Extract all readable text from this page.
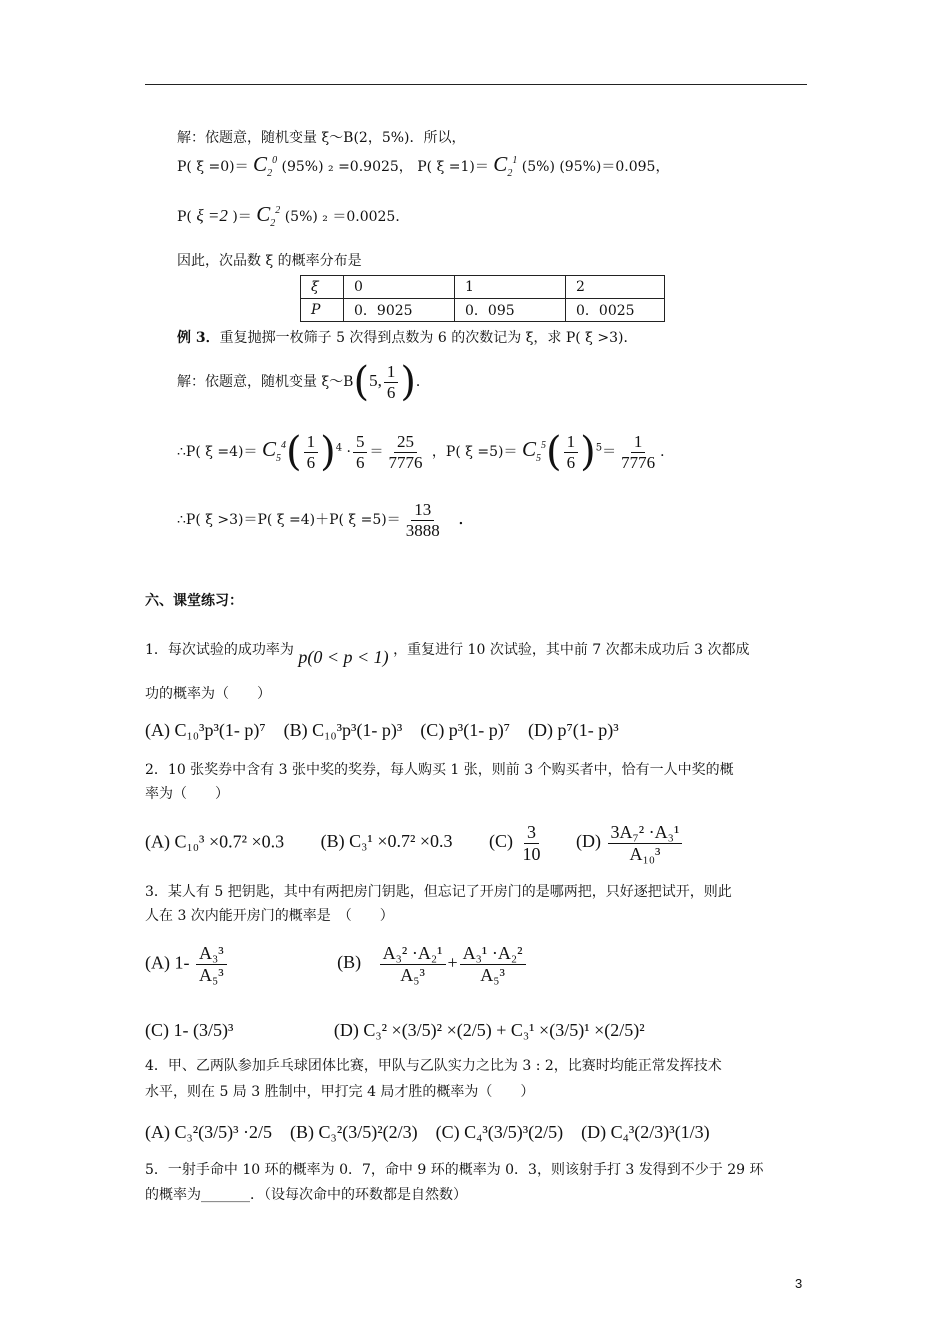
解：依题意，随机变量 ξ～B(2，5%)．所以，
P( $\xi =0)= C_2^0$ (95%) ₂ =0.9025， P( $\xi =1)= C_2^1$ (5%) (95%)＝0.095，
P( ξ =2 )＝ $C_2^2$ (5%) ₂ ＝0.0025．
因此，次品数 ξ 的概率分布是
ξ	0	1	2
P	0．9025	0．095	0．0025
例 3．重复抛掷一枚筛子 5 次得到点数为 6 的次数记为 ξ，求 P( ξ >3)．
解：依题意，随机变量 ξ～B(5, $\frac{1}{6}$ )．
∴P( $\xi =4)= C_5^4( \frac{1}{6} )^4 \cdot \frac{5}{6} = \frac{25}{7776}$ ，P( $\xi =5)= C_5^5( \frac{1}{6} )^5= \frac{1}{7776}$ ．
∴P( ξ >3)＝P( ξ =4)＋P( $\xi =5)= \frac{13}{3888}$
　 ．
六、课堂练习：
1．每次试验的成功率为 p(0 < p < 1) ，重复进行 10 次试验，其中前 7 次都未成功后 3 次都成
功的概率为（　　）
(A) C₁₀³p³(1- p)⁷　(B) C₁₀³p³(1- p)³　(C) p³(1- p)⁷　(D) p⁷(1- p)³
2．10 张奖券中含有 3 张中奖的奖券，每人购买 1 张，则前 3 个购买者中，恰有一人中奖的概
率为（　　）
(A) C₁₀³ ×0.7² ×0.3 (B) C₃¹ ×0.7² ×0.3 $(C) \frac{3}{10} (D) \frac{\text{3A₇² ·A₃¹}}{\text{A₁₀³}}$
3．某人有 5 把钥匙，其中有两把房门钥匙，但忘记了开房门的是哪两把，只好逐把试开，则此
人在 3 次内能开房门的概率是　（　　）
(A) $1- \frac{\text{A₃³}}{\text{A₅³}}$	$(B) \frac{\text{A₃² ·A₂¹}}{\text{A₅³}} + \frac{\text{A₃¹ ·A₂²}}{\text{A₅³}}$
(C) 1- (3/5)³	(D) C₃² ×(3/5)² ×(2/5) + C₃¹ ×(3/5)¹ ×(2/5)²
4．甲、乙两队参加乒乓球团体比赛，甲队与乙队实力之比为 3 : 2，比赛时均能正常发挥技术
水平，则在 5 局 3 胜制中，甲打完 4 局才胜的概率为（　　）
(A) C₃²(3/5)³ ·2/5　(B) C₃²(3/5)²(2/3)　(C) C₄³(3/5)³(2/5)　(D) C₄³(2/3)³(1/3)
5．一射手命中 10 环的概率为 0．7，命中 9 环的概率为 0．3，则该射手打 3 发得到不少于 29 环
的概率为_______．（设每次命中的环数都是自然数）
3
